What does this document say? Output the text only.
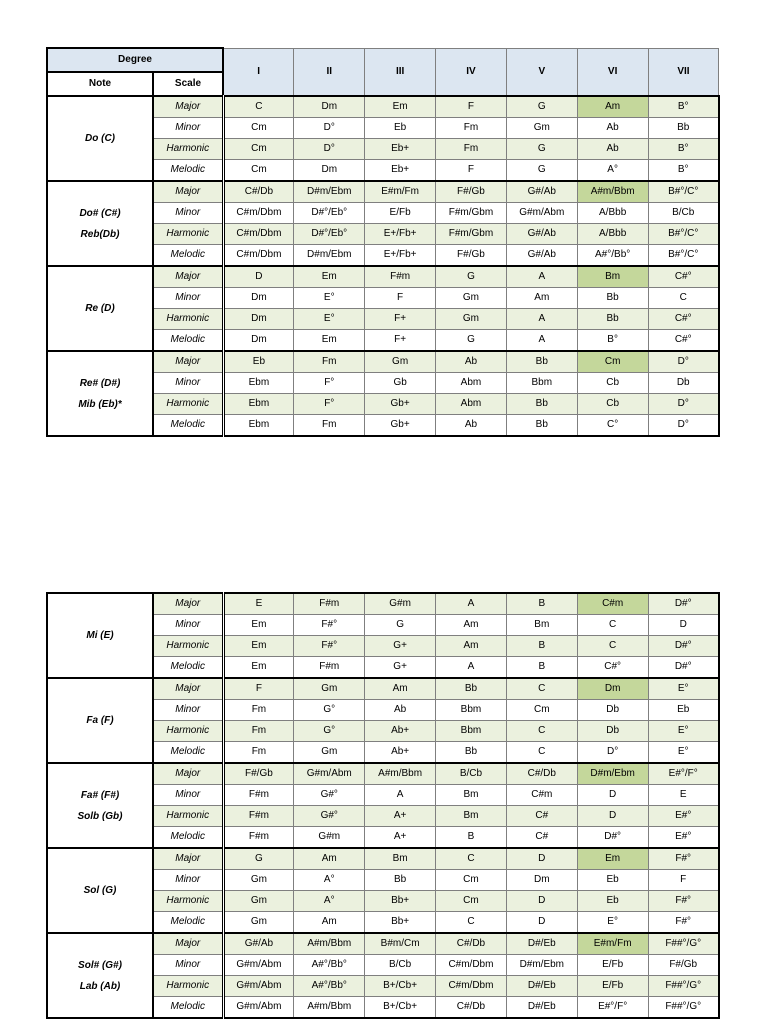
Degree		I	II	III	IV	V	VI	VII
Note	Scale							

Do (C)	Major	C	Dm	Em	F	G	Am	B°
	Minor	Cm	D°	Eb	Fm	Gm	Ab	Bb
	Harmonic	Cm	D°	Eb+	Fm	G	Ab	B°
	Melodic	Cm	Dm	Eb+	F	G	A°	B°

Do# (C#)
Reb(Db)	Major	C#/Db	D#m/Ebm	E#m/Fm	F#/Gb	G#/Ab	A#m/Bbm	B#°/C°
	Minor	C#m/Dbm	D#°/Eb°	E/Fb	F#m/Gbm	G#m/Abm	A/Bbb	B/Cb
	Harmonic	C#m/Dbm	D#°/Eb°	E+/Fb+	F#m/Gbm	G#/Ab	A/Bbb	B#°/C°
	Melodic	C#m/Dbm	D#m/Ebm	E+/Fb+	F#/Gb	G#/Ab	A#°/Bb°	B#°/C°

Re (D)	Major	D	Em	F#m	G	A	Bm	C#°
	Minor	Dm	E°	F	Gm	Am	Bb	C
	Harmonic	Dm	E°	F+	Gm	A	Bb	C#°
	Melodic	Dm	Em	F+	G	A	B°	C#°

Re# (D#)
Mib (Eb)*	Major	Eb	Fm	Gm	Ab	Bb	Cm	D°
	Minor	Ebm	F°	Gb	Abm	Bbm	Cb	Db
	Harmonic	Ebm	F°	Gb+	Abm	Bb	Cb	D°
	Melodic	Ebm	Fm	Gb+	Ab	Bb	C°	D°
Mi (E)	Major	E	F#m	G#m	A	B	C#m	D#°
	Minor	Em	F#°	G	Am	Bm	C	D
	Harmonic	Em	F#°	G+	Am	B	C	D#°
	Melodic	Em	F#m	G+	A	B	C#°	D#°

Fa (F)	Major	F	Gm	Am	Bb	C	Dm	E°
	Minor	Fm	G°	Ab	Bbm	Cm	Db	Eb
	Harmonic	Fm	G°	Ab+	Bbm	C	Db	E°
	Melodic	Fm	Gm	Ab+	Bb	C	D°	E°

Fa# (F#)
Solb (Gb)	Major	F#/Gb	G#m/Abm	A#m/Bbm	B/Cb	C#/Db	D#m/Ebm	E#°/F°
	Minor	F#m	G#°	A	Bm	C#m	D	E
	Harmonic	F#m	G#°	A+	Bm	C#	D	E#°
	Melodic	F#m	G#m	A+	B	C#	D#°	E#°

Sol (G)	Major	G	Am	Bm	C	D	Em	F#°
	Minor	Gm	A°	Bb	Cm	Dm	Eb	F
	Harmonic	Gm	A°	Bb+	Cm	D	Eb	F#°
	Melodic	Gm	Am	Bb+	C	D	E°	F#°

Sol# (G#)
Lab (Ab)	Major	G#/Ab	A#m/Bbm	B#m/Cm	C#/Db	D#/Eb	E#m/Fm	F##°/G°
	Minor	G#m/Abm	A#°/Bb°	B/Cb	C#m/Dbm	D#m/Ebm	E/Fb	F#/Gb
	Harmonic	G#m/Abm	A#°/Bb°	B+/Cb+	C#m/Dbm	D#/Eb	E/Fb	F##°/G°
	Melodic	G#m/Abm	A#m/Bbm	B+/Cb+	C#/Db	D#/Eb	E#°/F°	F##°/G°
